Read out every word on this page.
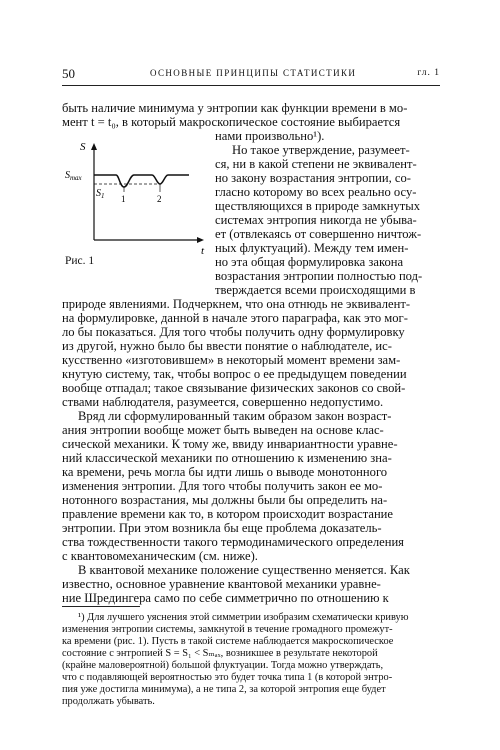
50	ОСНОВНЫЕ ПРИНЦИПЫ СТАТИСТИКИ	гл. 1
S
$S_{max}$
$S_1$ 1	2
t
Рис. 1
быть наличие минимума у энтропии как функции времени в мо-
мент t = t₀, в который макроскопическое состояние выбирается
нами произвольно¹).
Но такое утверждение, разумеет-
ся, ни в какой степени не эквивалент-
но закону возрастания энтропии, со-
гласно которому во всех реально осу-
ществляющихся в природе замкнутых
системах энтропия никогда не убыва-
ет (отвлекаясь от совершенно ничтож-
ных флуктуаций). Между тем имен-
но эта общая формулировка закона
возрастания энтропии полностью под-
тверждается всеми происходящими в
природе явлениями. Подчеркнем, что она отнюдь не эквивалент-
на формулировке, данной в начале этого параграфа, как это мог-
ло бы показаться. Для того чтобы получить одну формулировку
из другой, нужно было бы ввести понятие о наблюдателе, ис-
кусственно «изготовившем» в некоторый момент времени зам-
кнутую систему, так, чтобы вопрос о ее предыдущем поведении
вообще отпадал; такое связывание физических законов со свой-
ствами наблюдателя, разумеется, совершенно недопустимо.
Вряд ли сформулированный таким образом закон возраст-
ания энтропии вообще может быть выведен на основе клас-
сической механики. К тому же, ввиду инвариантности уравне-
ний классической механики по отношению к изменению зна-
ка времени, речь могла бы идти лишь о выводе монотонного
изменения энтропии. Для того чтобы получить закон ее мо-
нотонного возрастания, мы должны были бы определить на-
правление времени как то, в котором происходит возрастание
энтропии. При этом возникла бы еще проблема доказатель-
ства тождественности такого термодинамического определения
с квантовомеханическим (см. ниже).
В квантовой механике положение существенно меняется. Как
известно, основное уравнение квантовой механики уравне-
ние Шредингера само по себе симметрично по отношению к
¹) Для лучшего уяснения этой симметрии изобразим схематически кривую
изменения энтропии системы, замкнутой в течение громадного промежут-
ка времени (рис. 1). Пусть в такой системе наблюдается макроскопическое
состояние с энтропией S = S₁ < Sₘₐₓ, возникшее в результате некоторой
(крайне маловероятной) большой флуктуации. Тогда можно утверждать,
что с подавляющей вероятностью это будет точка типа 1 (в которой энтро-
пия уже достигла минимума), а не типа 2, за которой энтропия еще будет
продолжать убывать.
